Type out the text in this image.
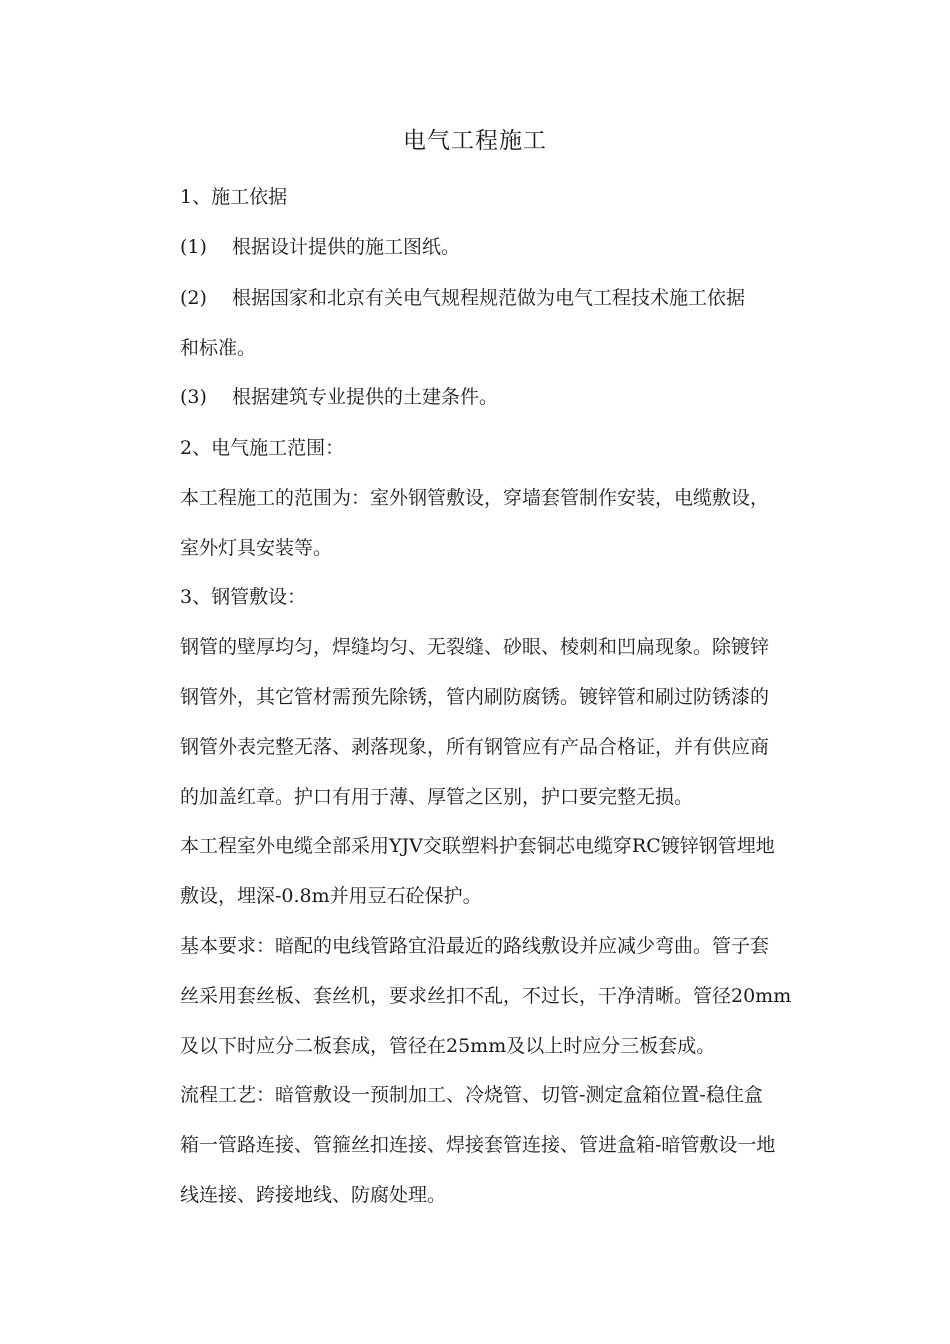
电气工程施工
1、施工依据
(1) 根据设计提供的施工图纸。
(2) 根据国家和北京有关电气规程规范做为电气工程技术施工依据
和标准。
(3) 根据建筑专业提供的土建条件。
2、电气施工范围：
本工程施工的范围为：室外钢管敷设，穿墙套管制作安装，电缆敷设，
室外灯具安装等。
3、钢管敷设：
钢管的壁厚均匀，焊缝均匀、无裂缝、砂眼、棱刺和凹扁现象。除镀锌
钢管外，其它管材需预先除锈，管内刷防腐锈。镀锌管和刷过防锈漆的
钢管外表完整无落、剥落现象，所有钢管应有产品合格证，并有供应商
的加盖红章。护口有用于薄、厚管之区别，护口要完整无损。
本工程室外电缆全部采用YJV交联塑料护套铜芯电缆穿RC镀锌钢管埋地
敷设，埋深-0.8m并用豆石砼保护。
基本要求：暗配的电线管路宜沿最近的路线敷设并应减少弯曲。管子套
丝采用套丝板、套丝机，要求丝扣不乱，不过长，干净清晰。管径20mm
及以下时应分二板套成，管径在25mm及以上时应分三板套成。
流程工艺：暗管敷设一预制加工、冷烧管、切管-测定盒箱位置-稳住盒
箱一管路连接、管箍丝扣连接、焊接套管连接、管进盒箱-暗管敷设一地
线连接、跨接地线、防腐处理。
